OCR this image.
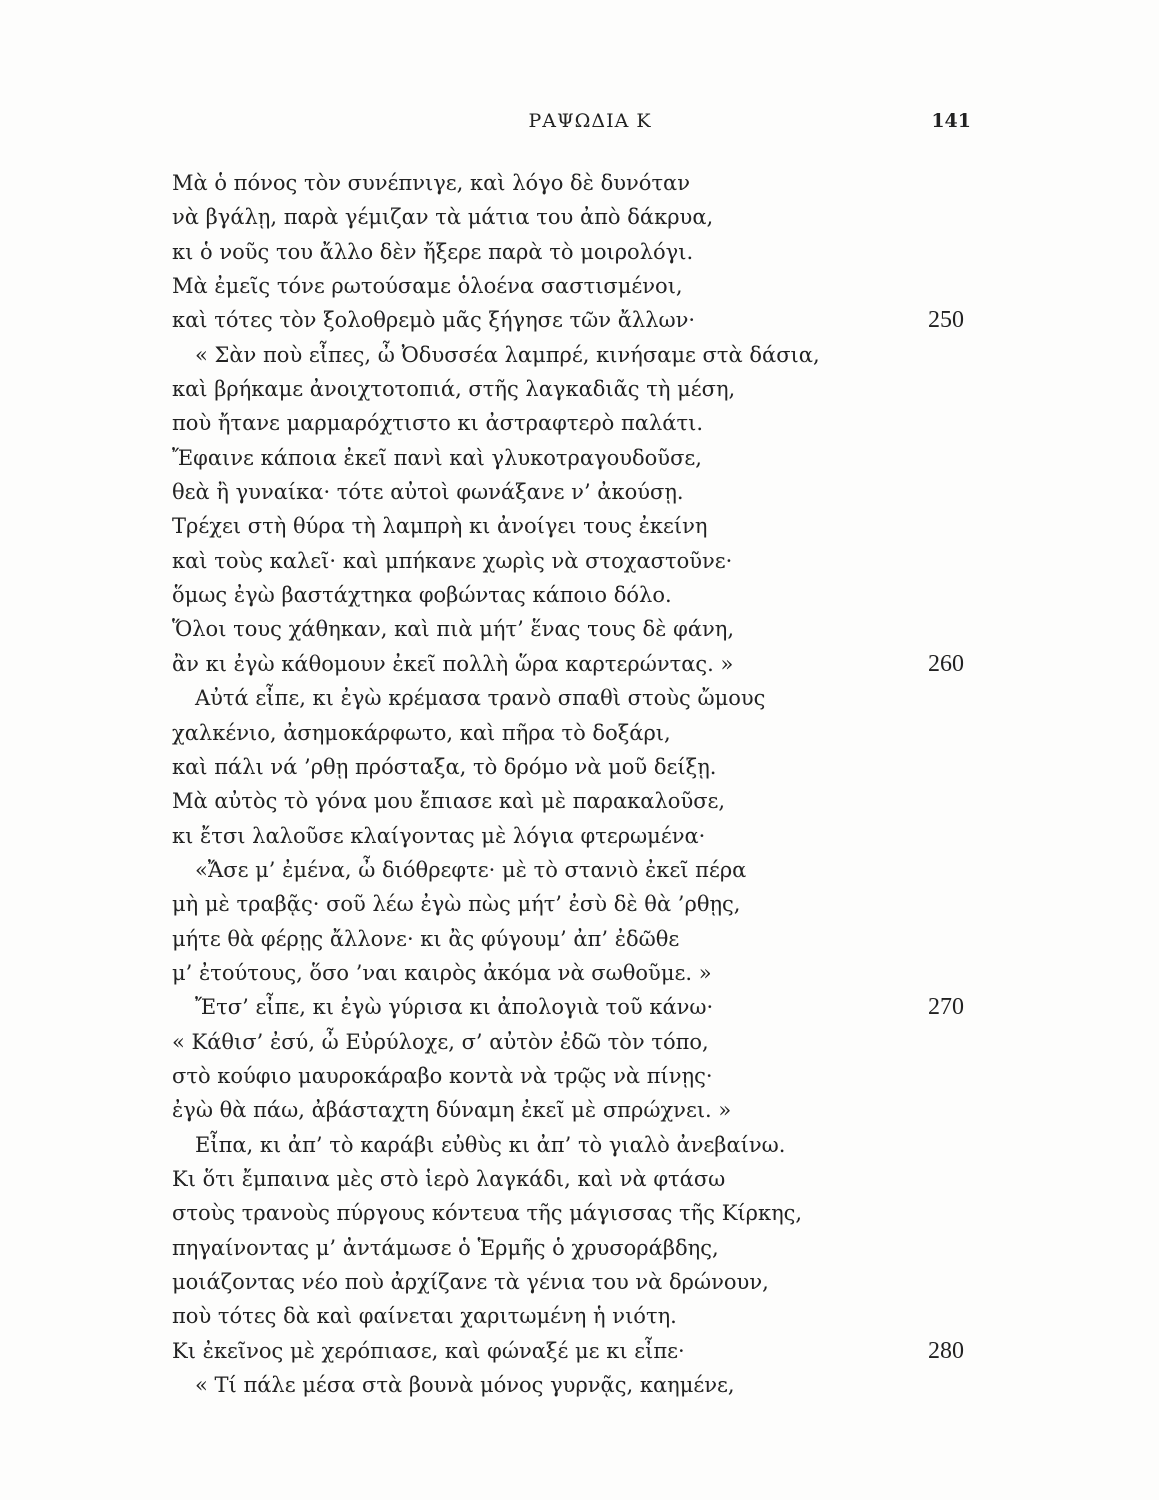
ΡΑΨΩΔΙΑ Κ	141
Μὰ ὁ πόνος τὸν συνέπνιγε, καὶ λόγο δὲ δυνόταν
νὰ βγάλῃ, παρὰ γέμιζαν τὰ μάτια του ἀπὸ δάκρυα,
κι ὁ νοῦς του ἄλλο δὲν ἤξερε παρὰ τὸ μοιρολόγι.
Μὰ ἐμεῖς τόνε ρωτούσαμε ὁλοένα σαστισμένοι,
καὶ τότες τὸν ξολοθρεμὸ μᾶς ξήγησε τῶν ἄλλων·	250
« Σὰν ποὺ εἶπες, ὦ Ὀδυσσέα λαμπρέ, κινήσαμε στὰ δάσια,
καὶ βρήκαμε ἀνοιχτοτοπιά, στῆς λαγκαδιᾶς τὴ μέση,
ποὺ ἤτανε μαρμαρόχτιστο κι ἀστραφτερὸ παλάτι.
Ἔφαινε κάποια ἐκεῖ πανὶ καὶ γλυκοτραγουδοῦσε,
θεὰ ἢ γυναίκα· τότε αὐτοὶ φωνάξανε ν’ ἀκούσῃ.
Τρέχει στὴ θύρα τὴ λαμπρὴ κι ἀνοίγει τους ἐκείνη
καὶ τοὺς καλεῖ· καὶ μπήκανε χωρὶς νὰ στοχαστοῦνε·
ὅμως ἐγὼ βαστάχτηκα φοβώντας κάποιο δόλο.
Ὅλοι τους χάθηκαν, καὶ πιὰ μήτ’ ἕνας τους δὲ φάνη,
ἂν κι ἐγὼ κάθομουν ἐκεῖ πολλὴ ὥρα καρτερώντας. »	260
Αὐτά εἶπε, κι ἐγὼ κρέμασα τρανὸ σπαθὶ στοὺς ὤμους
χαλκένιο, ἀσημοκάρφωτο, καὶ πῆρα τὸ δοξάρι,
καὶ πάλι νά ’ρθῃ πρόσταξα, τὸ δρόμο νὰ μοῦ δείξῃ.
Μὰ αὐτὸς τὸ γόνα μου ἔπιασε καὶ μὲ παρακαλοῦσε,
κι ἔτσι λαλοῦσε κλαίγοντας μὲ λόγια φτερωμένα·
«Ἄσε μ’ ἐμένα, ὦ διόθρεφτε· μὲ τὸ στανιὸ ἐκεῖ πέρα
μὴ μὲ τραβᾷς· σοῦ λέω ἐγὼ πὼς μήτ’ ἐσὺ δὲ θὰ ’ρθῃς,
μήτε θὰ φέρῃς ἄλλονε· κι ἂς φύγουμ’ ἀπ’ ἐδῶθε
μ’ ἐτούτους, ὅσο ’ναι καιρὸς ἀκόμα νὰ σωθοῦμε. »
Ἔτσ’ εἶπε, κι ἐγὼ γύρισα κι ἀπολογιὰ τοῦ κάνω·	270
« Κάθισ’ ἐσύ, ὦ Εὐρύλοχε, σ’ αὐτὸν ἐδῶ τὸν τόπο,
στὸ κούφιο μαυροκάραβο κοντὰ νὰ τρῷς νὰ πίνῃς·
ἐγὼ θὰ πάω, ἀβάσταχτη δύναμη ἐκεῖ μὲ σπρώχνει. »
Εἶπα, κι ἀπ’ τὸ καράβι εὐθὺς κι ἀπ’ τὸ γιαλὸ ἀνεβαίνω.
Κι ὅτι ἔμπαινα μὲς στὸ ἱερὸ λαγκάδι, καὶ νὰ φτάσω
στοὺς τρανοὺς πύργους κόντευα τῆς μάγισσας τῆς Κίρκης,
πηγαίνοντας μ’ ἀντάμωσε ὁ Ἑρμῆς ὁ χρυσοράβδης,
μοιάζοντας νέο ποὺ ἀρχίζανε τὰ γένια του νὰ δρώνουν,
ποὺ τότες δὰ καὶ φαίνεται χαριτωμένη ἡ νιότη.
Κι ἐκεῖνος μὲ χερόπιασε, καὶ φώναξέ με κι εἶπε·	280
« Τί πάλε μέσα στὰ βουνὰ μόνος γυρνᾷς, καημένε,
